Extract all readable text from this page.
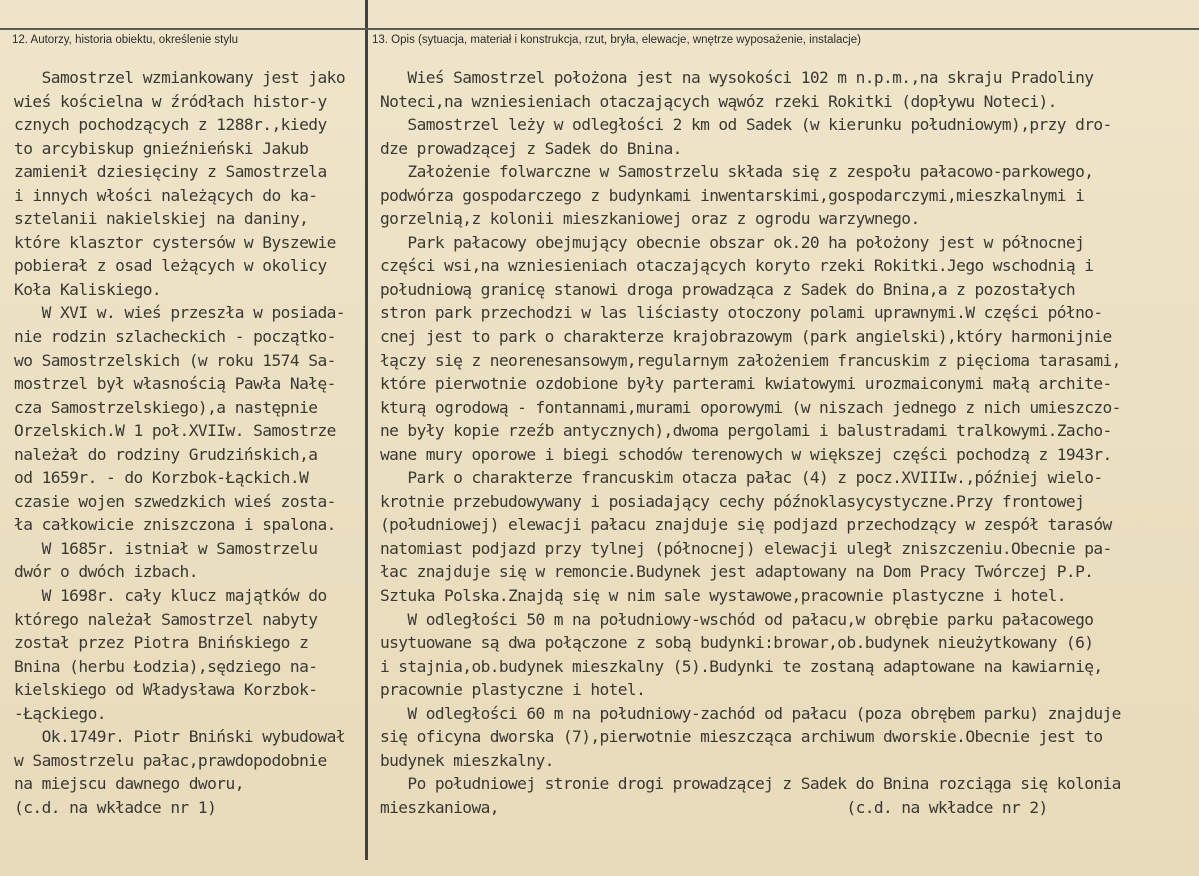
12. Autorzy, historia obiektu, określenie stylu	13. Opis (sytuacja, materiał i konstrukcja, rzut, bryła, elewacje, wnętrze wyposażenie, instalacje)
Samostrzel wzmiankowany jest jako
wieś kościelna w źródłach histor-y
cznych pochodzących z 1288r.,kiedy
to arcybiskup gnieźnieński Jakub
zamienił dziesięciny z Samostrzela
i innych włości należących do ka-
sztelanii nakielskiej na daniny,
które klasztor cystersów w Byszewie
pobierał z osad leżących w okolicy
Koła Kaliskiego.
W XVI w. wieś przeszła w posiada-
nie rodzin szlacheckich - początko-
wo Samostrzelskich (w roku 1574 Sa-
mostrzel był własnością Pawła Nałę-
cza Samostrzelskiego),a następnie
Orzelskich.W 1 poł.XVIIw. Samostrze
należał do rodziny Grudzińskich,a
od 1659r. - do Korzbok-Łąckich.W
czasie wojen szwedzkich wieś zosta-
ła całkowicie zniszczona i spalona.
W 1685r. istniał w Samostrzelu
dwór o dwóch izbach.
W 1698r. cały klucz majątków do
którego należał Samostrzel nabyty
został przez Piotra Bnińskiego z
Bnina (herbu Łodzia),sędziego na-
kielskiego od Władysława Korzbok-
-Łąckiego.
Ok.1749r. Piotr Bniński wybudował
w Samostrzelu pałac,prawdopodobnie
na miejscu dawnego dworu,
(c.d. na wkładce nr 1)
Wieś Samostrzel położona jest na wysokości 102 m n.p.m.,na skraju Pradoliny
Noteci,na wzniesieniach otaczających wąwóz rzeki Rokitki (dopływu Noteci).
Samostrzel leży w odległości 2 km od Sadek (w kierunku południowym),przy dro-
dze prowadzącej z Sadek do Bnina.
Założenie folwarczne w Samostrzelu składa się z zespołu pałacowo-parkowego,
podwórza gospodarczego z budynkami inwentarskimi,gospodarczymi,mieszkalnymi i
gorzelnią,z kolonii mieszkaniowej oraz z ogrodu warzywnego.
Park pałacowy obejmujący obecnie obszar ok.20 ha położony jest w północnej
części wsi,na wzniesieniach otaczających koryto rzeki Rokitki.Jego wschodnią i
południową granicę stanowi droga prowadząca z Sadek do Bnina,a z pozostałych
stron park przechodzi w las liściasty otoczony polami uprawnymi.W części półno-
cnej jest to park o charakterze krajobrazowym (park angielski),który harmonijnie
łączy się z neorenesansowym,regularnym założeniem francuskim z pięcioma tarasami,
które pierwotnie ozdobione były parterami kwiatowymi urozmaiconymi małą archite-
kturą ogrodową - fontannami,murami oporowymi (w niszach jednego z nich umieszczo-
ne były kopie rzeźb antycznych),dwoma pergolami i balustradami tralkowymi.Zacho-
wane mury oporowe i biegi schodów terenowych w większej części pochodzą z 1943r.
Park o charakterze francuskim otacza pałac (4) z pocz.XVIIIw.,później wielo-
krotnie przebudowywany i posiadający cechy późnoklasycystyczne.Przy frontowej
(południowej) elewacji pałacu znajduje się podjazd przechodzący w zespół tarasów
natomiast podjazd przy tylnej (północnej) elewacji uległ zniszczeniu.Obecnie pa-
łac znajduje się w remoncie.Budynek jest adaptowany na Dom Pracy Twórczej P.P.
Sztuka Polska.Znajdą się w nim sale wystawowe,pracownie plastyczne i hotel.
W odległości 50 m na południowy-wschód od pałacu,w obrębie parku pałacowego
usytuowane są dwa połączone z sobą budynki:browar,ob.budynek nieużytkowany (6)
i stajnia,ob.budynek mieszkalny (5).Budynki te zostaną adaptowane na kawiarnię,
pracownie plastyczne i hotel.
W odległości 60 m na południowy-zachód od pałacu (poza obrębem parku) znajduje
się oficyna dworska (7),pierwotnie mieszcząca archiwum dworskie.Obecnie jest to
budynek mieszkalny.
Po południowej stronie drogi prowadzącej z Sadek do Bnina rozciąga się kolonia
mieszkaniowa,                                      (c.d. na wkładce nr 2)
